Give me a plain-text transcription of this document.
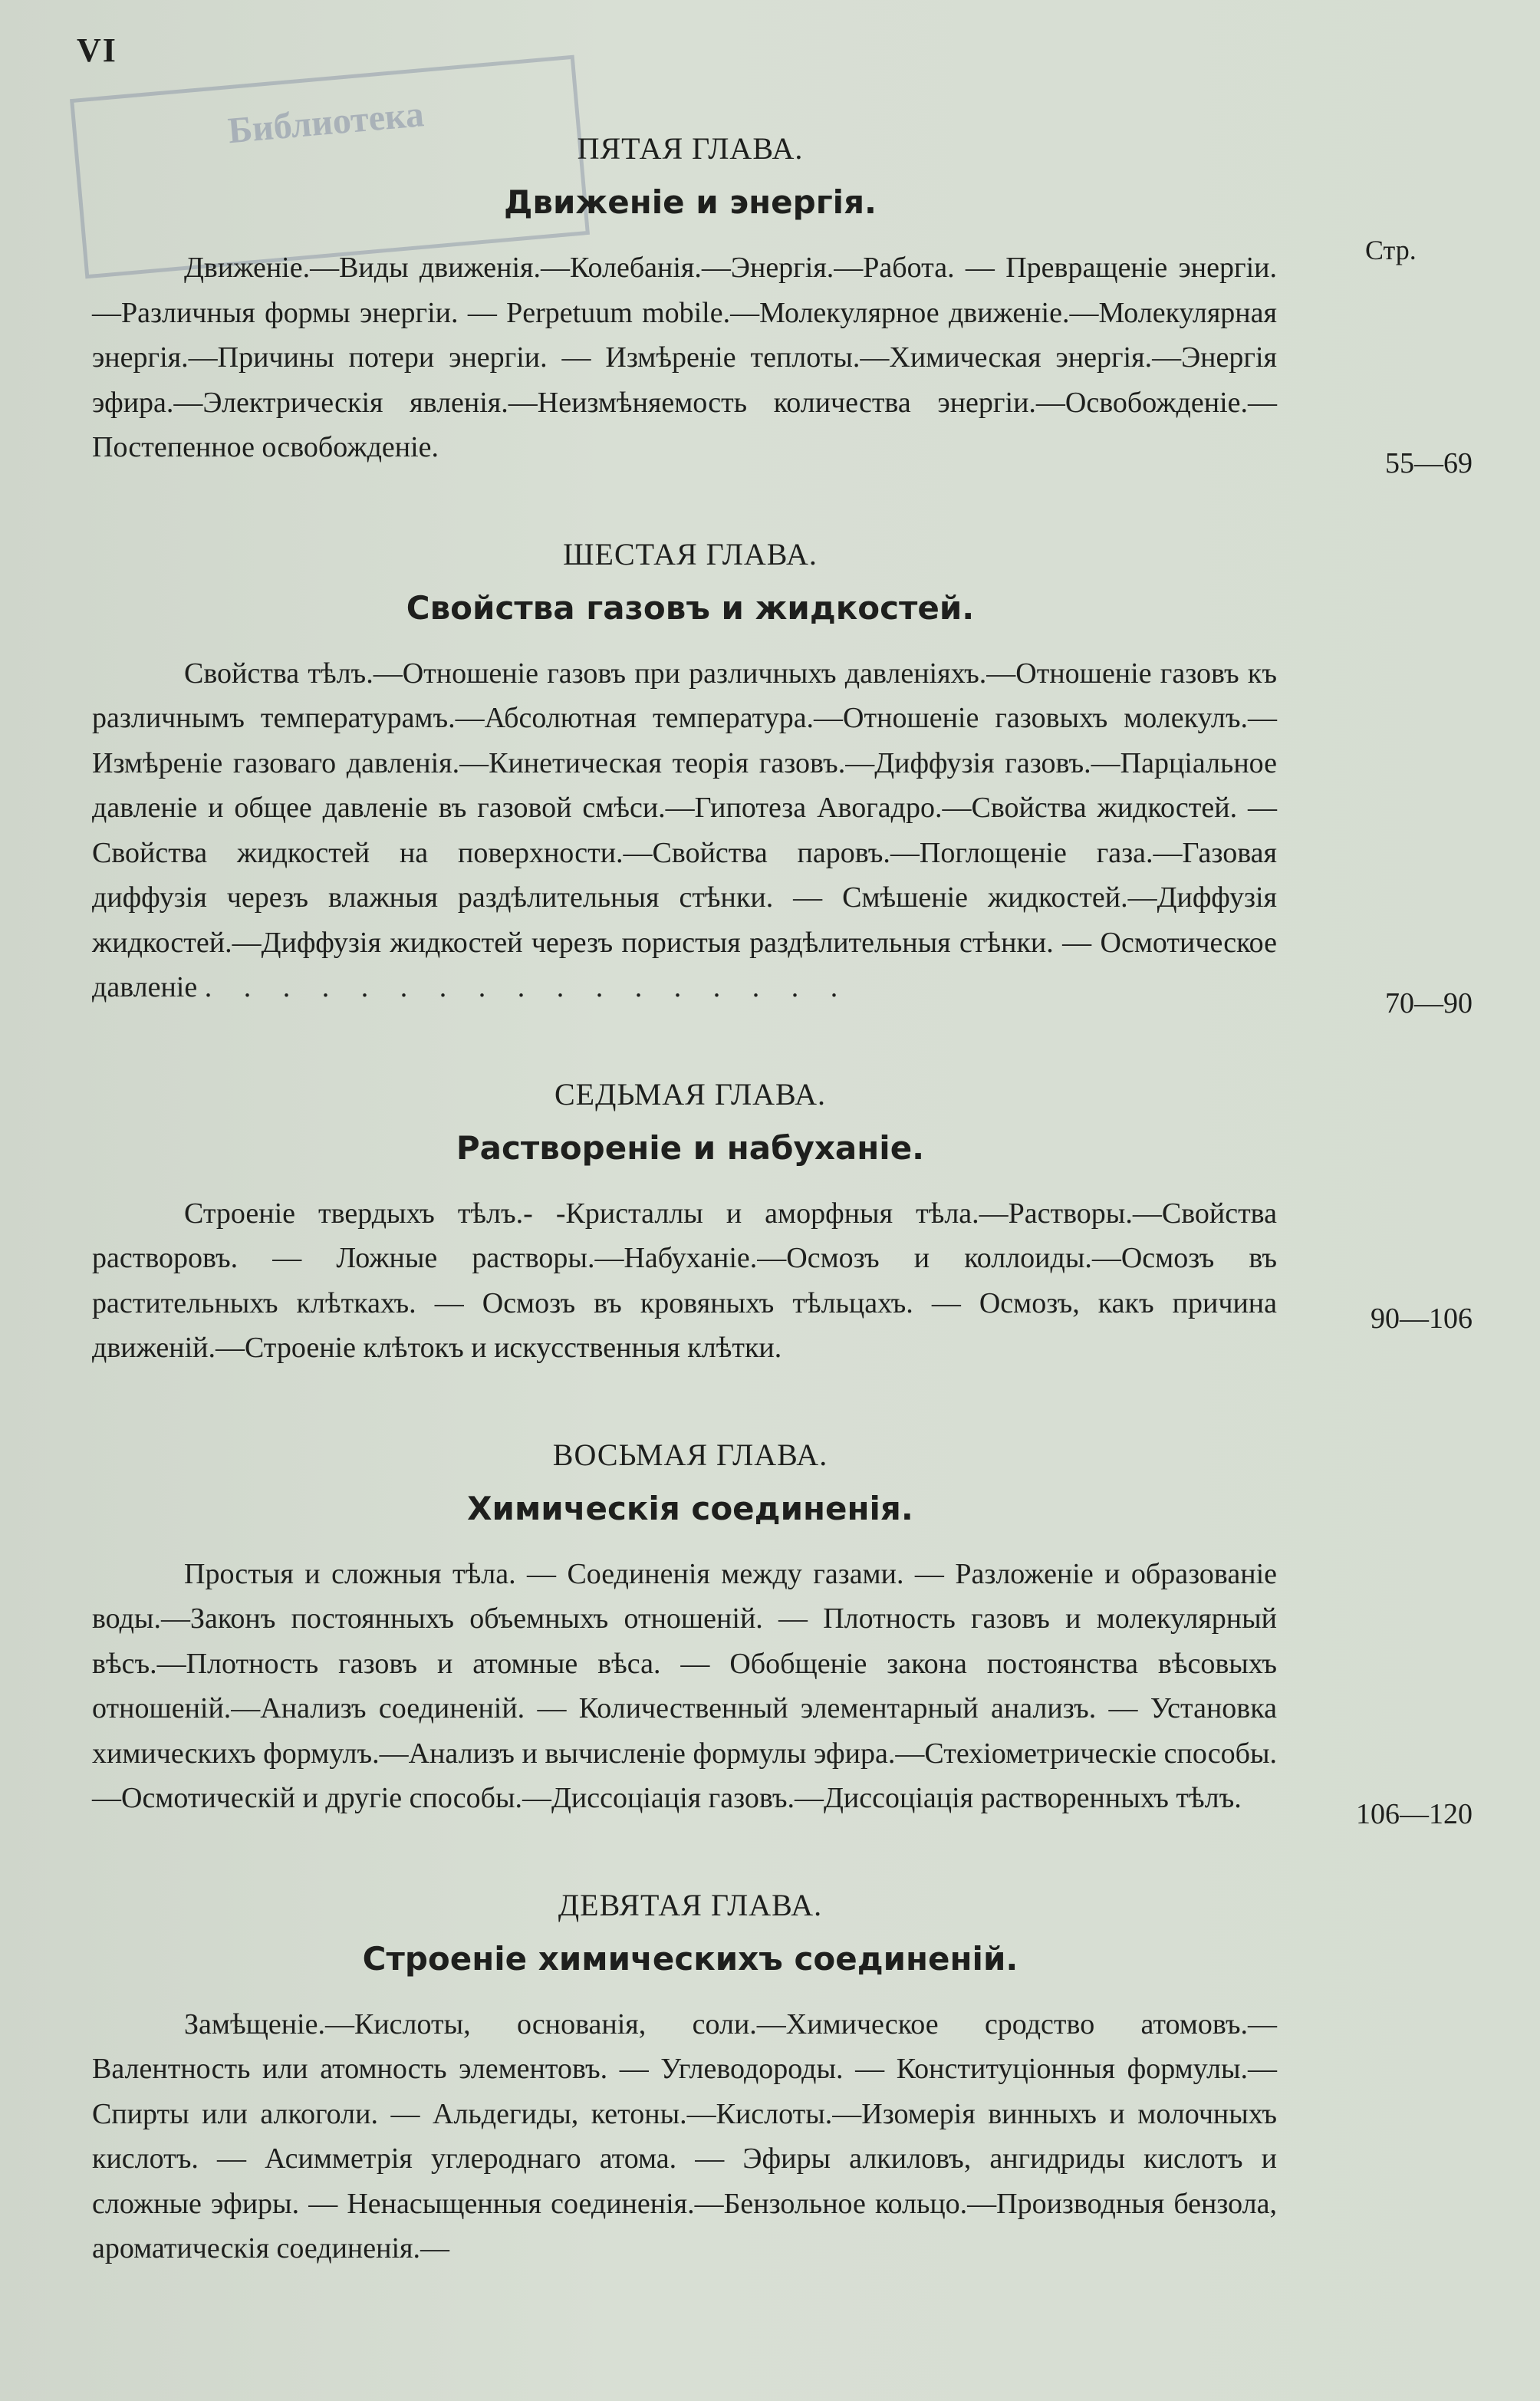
VI
Библиотека
Стр.
ПЯТАЯ ГЛАВА.
Движеніе и энергія.
55—69
Движеніе.—Виды движенія.—Колебанія.—Энергія.—Работа. — Превращеніе энергіи.—Различныя формы энергіи. — Perpetuum mobile.—Молекулярное движеніе.—Молекулярная энергія.—Причины потери энергіи. — Измѣреніе теплоты.—Химическая энергія.—Энергія эфира.—Электрическія явленія.—Неизмѣняемость количества энергіи.—Освобожденіе.—Постепенное освобожденіе.
ШЕСТАЯ ГЛАВА.
Свойства газовъ и жидкостей.
70—90
Свойства тѣлъ.—Отношеніе газовъ при различныхъ давленіяхъ.—Отношеніе газовъ къ различнымъ температурамъ.—Абсолютная температура.—Отношеніе газовыхъ молекулъ.—Измѣреніе газоваго давленія.—Кинетическая теорія газовъ.—Диффузія газовъ.—Парціальное давленіе и общее давленіе въ газовой смѣси.—Гипотеза Авогадро.—Свойства жидкостей. — Свойства жидкостей на поверхности.—Свойства паровъ.—Поглощеніе газа.—Газовая диффузія черезъ влажныя раздѣлительныя стѣнки. — Смѣшеніе жидкостей.—Диффузія жидкостей.—Диффузія жидкостей черезъ пористыя раздѣлительныя стѣнки. — Осмотическое давленіе . . . . . . . . . . . . . . . . .
СЕДЬМАЯ ГЛАВА.
Раствореніе и набуханіе.
90—106
Строеніе твердыхъ тѣлъ.- -Кристаллы и аморфныя тѣла.—Растворы.—Свойства растворовъ. — Ложные растворы.—Набуханіе.—Осмозъ и коллоиды.—Осмозъ въ растительныхъ клѣткахъ. — Осмозъ въ кровяныхъ тѣльцахъ. — Осмозъ, какъ причина движеній.—Строеніе клѣтокъ и искусственныя клѣтки.
ВОСЬМАЯ ГЛАВА.
Химическія соединенія.
106—120
Простыя и сложныя тѣла. — Соединенія между газами. — Разложеніе и образованіе воды.—Законъ постоянныхъ объемныхъ отношеній. — Плотность газовъ и молекулярный вѣсъ.—Плотность газовъ и атомные вѣса. — Обобщеніе закона постоянства вѣсовыхъ отношеній.—Анализъ соединеній. — Количественный элементарный анализъ. — Установка химическихъ формулъ.—Анализъ и вычисленіе формулы эфира.—Стехіометрическіе способы.—Осмотическій и другіе способы.—Диссоціація газовъ.—Диссоціація растворенныхъ тѣлъ.
ДЕВЯТАЯ ГЛАВА.
Строеніе химическихъ соединеній.
Замѣщеніе.—Кислоты, основанія, соли.—Химическое сродство атомовъ.—Валентность или атомность элементовъ. — Углеводороды. — Конституціонныя формулы.—Спирты или алкоголи. — Альдегиды, кетоны.—Кислоты.—Изомерія винныхъ и молочныхъ кислотъ. — Асимметрія углероднаго атома. — Эфиры алкиловъ, ангидриды кислотъ и сложные эфиры. — Ненасыщенныя соединенія.—Бензольное кольцо.—Производныя бензола, ароматическія соединенія.—
